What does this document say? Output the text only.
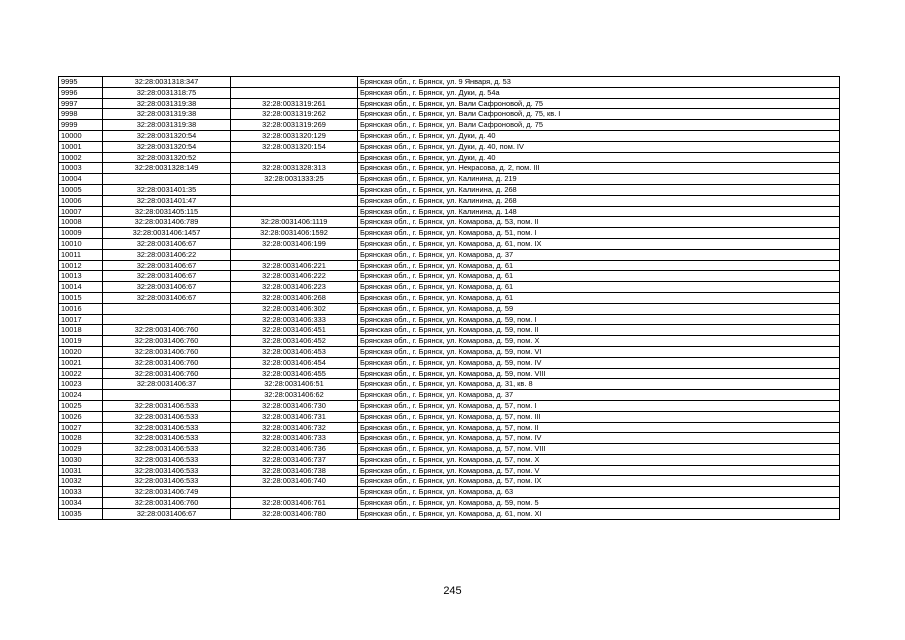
9995	32:28:0031318:347		Брянская обл., г. Брянск, ул. 9 Января, д. 53
9996	32:28:0031318:75		Брянская обл., г. Брянск, ул. Дуки, д. 54а
9997	32:28:0031319:38	32:28:0031319:261	Брянская обл., г. Брянск, ул. Вали Сафроновой, д. 75
9998	32:28:0031319:38	32:28:0031319:262	Брянская обл., г. Брянск, ул. Вали Сафроновой, д. 75, кв. I
9999	32:28:0031319:38	32:28:0031319:269	Брянская обл., г. Брянск, ул. Вали Сафроновой, д. 75
10000	32:28:0031320:54	32:28:0031320:129	Брянская обл., г. Брянск, ул. Дуки, д. 40
10001	32:28:0031320:54	32:28:0031320:154	Брянская обл., г. Брянск, ул. Дуки, д. 40, пом. IV
10002	32:28:0031320:52		Брянская обл., г. Брянск, ул. Дуки, д. 40
10003	32:28:0031328:149	32:28:0031328:313	Брянская обл., г. Брянск, ул. Некрасова, д. 2, пом. III
10004		32:28:0031333:25	Брянская обл., г. Брянск, ул. Калинина, д. 219
10005	32:28:0031401:35		Брянская обл., г. Брянск, ул. Калинина, д. 268
10006	32:28:0031401:47		Брянская обл., г. Брянск, ул. Калинина, д. 268
10007	32:28:0031405:115		Брянская обл., г. Брянск, ул. Калинина, д. 148
10008	32:28:0031406:789	32:28:0031406:1119	Брянская обл., г. Брянск, ул. Комарова, д. 53, пом. II
10009	32:28:0031406:1457	32:28:0031406:1592	Брянская обл., г. Брянск, ул. Комарова, д. 51, пом. I
10010	32:28:0031406:67	32:28:0031406:199	Брянская обл., г. Брянск, ул. Комарова, д. 61, пом. IX
10011	32:28:0031406:22		Брянская обл., г. Брянск, ул. Комарова, д. 37
10012	32:28:0031406:67	32:28:0031406:221	Брянская обл., г. Брянск, ул. Комарова, д. 61
10013	32:28:0031406:67	32:28:0031406:222	Брянская обл., г. Брянск, ул. Комарова, д. 61
10014	32:28:0031406:67	32:28:0031406:223	Брянская обл., г. Брянск, ул. Комарова, д. 61
10015	32:28:0031406:67	32:28:0031406:268	Брянская обл., г. Брянск, ул. Комарова, д. 61
10016		32:28:0031406:302	Брянская обл., г. Брянск, ул. Комарова, д. 59
10017		32:28:0031406:333	Брянская обл., г. Брянск, ул. Комарова, д. 59, пом. I
10018	32:28:0031406:760	32:28:0031406:451	Брянская обл., г. Брянск, ул. Комарова, д. 59, пом. II
10019	32:28:0031406:760	32:28:0031406:452	Брянская обл., г. Брянск, ул. Комарова, д. 59, пом. X
10020	32:28:0031406:760	32:28:0031406:453	Брянская обл., г. Брянск, ул. Комарова, д. 59, пом. VI
10021	32:28:0031406:760	32:28:0031406:454	Брянская обл., г. Брянск, ул. Комарова, д. 59, пом. IV
10022	32:28:0031406:760	32:28:0031406:455	Брянская обл., г. Брянск, ул. Комарова, д. 59, пом. VIII
10023	32:28:0031406:37	32:28:0031406:51	Брянская обл., г. Брянск, ул. Комарова, д. 31, кв. 8
10024		32:28:0031406:62	Брянская обл., г. Брянск, ул. Комарова, д. 37
10025	32:28:0031406:533	32:28:0031406:730	Брянская обл., г. Брянск, ул. Комарова, д. 57, пом. I
10026	32:28:0031406:533	32:28:0031406:731	Брянская обл., г. Брянск, ул. Комарова, д. 57, пом. III
10027	32:28:0031406:533	32:28:0031406:732	Брянская обл., г. Брянск, ул. Комарова, д. 57, пом. II
10028	32:28:0031406:533	32:28:0031406:733	Брянская обл., г. Брянск, ул. Комарова, д. 57, пом. IV
10029	32:28:0031406:533	32:28:0031406:736	Брянская обл., г. Брянск, ул. Комарова, д. 57, пом. VIII
10030	32:28:0031406:533	32:28:0031406:737	Брянская обл., г. Брянск, ул. Комарова, д. 57, пом. X
10031	32:28:0031406:533	32:28:0031406:738	Брянская обл., г. Брянск, ул. Комарова, д. 57, пом. V
10032	32:28:0031406:533	32:28:0031406:740	Брянская обл., г. Брянск, ул. Комарова, д. 57, пом. IX
10033	32:28:0031406:749		Брянская обл., г. Брянск, ул. Комарова, д. 63
10034	32:28:0031406:760	32:28:0031406:761	Брянская обл., г. Брянск, ул. Комарова, д. 59, пом. 5
10035	32:28:0031406:67	32:28:0031406:780	Брянская обл., г. Брянск, ул. Комарова, д. 61, пом. XI
245
